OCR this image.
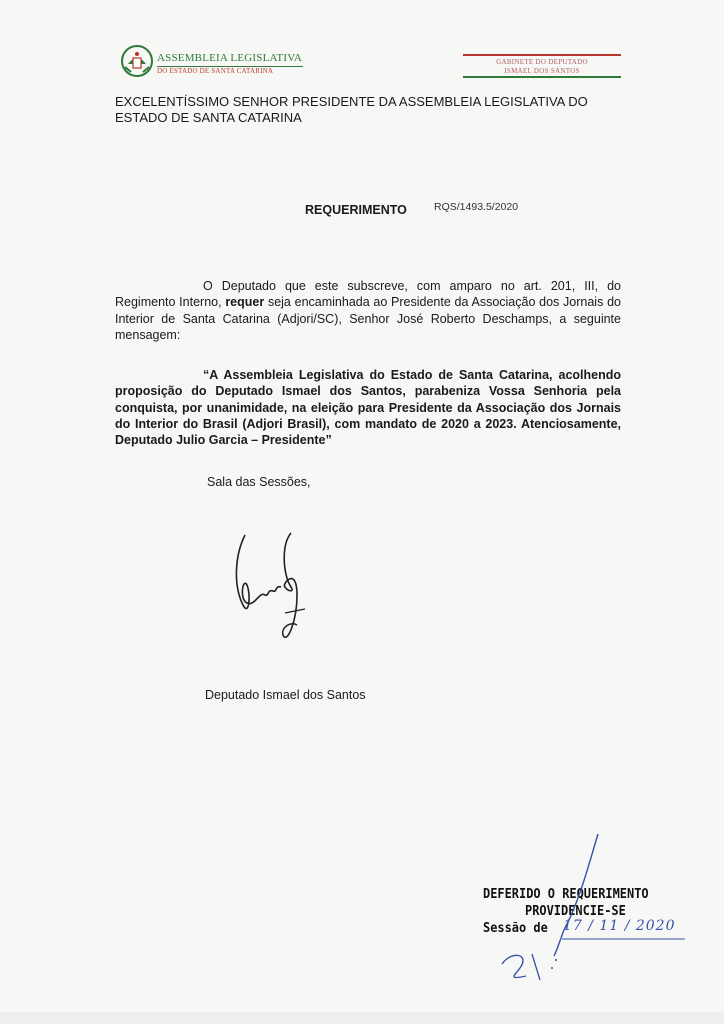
ASSEMBLEIA LEGISLATIVA
DO ESTADO DE SANTA CATARINA
GABINETE DO DEPUTADO
ISMAEL DOS SANTOS
EXCELENTÍSSIMO SENHOR PRESIDENTE DA ASSEMBLEIA LEGISLATIVA DO ESTADO DE SANTA CATARINA
REQUERIMENTO	RQS/1493.5/2020
O Deputado que este subscreve, com amparo no art. 201, III, do Regimento Interno, requer seja encaminhada ao Presidente da Associação dos Jornais do Interior de Santa Catarina (Adjori/SC), Senhor José Roberto Deschamps, a seguinte mensagem:
“A Assembleia Legislativa do Estado de Santa Catarina, acolhendo proposição do Deputado Ismael dos Santos, parabeniza Vossa Senhoria pela conquista, por unanimidade, na eleição para Presidente da Associação dos Jornais do Interior do Brasil (Adjori Brasil), com mandato de 2020 a 2023. Atenciosamente, Deputado Julio Garcia – Presidente”
Sala das Sessões,
Deputado Ismael dos Santos
DEFERIDO O REQUERIMENTO
PROVIDENCIE-SE
Sessão de 17 / 11 / 2020
